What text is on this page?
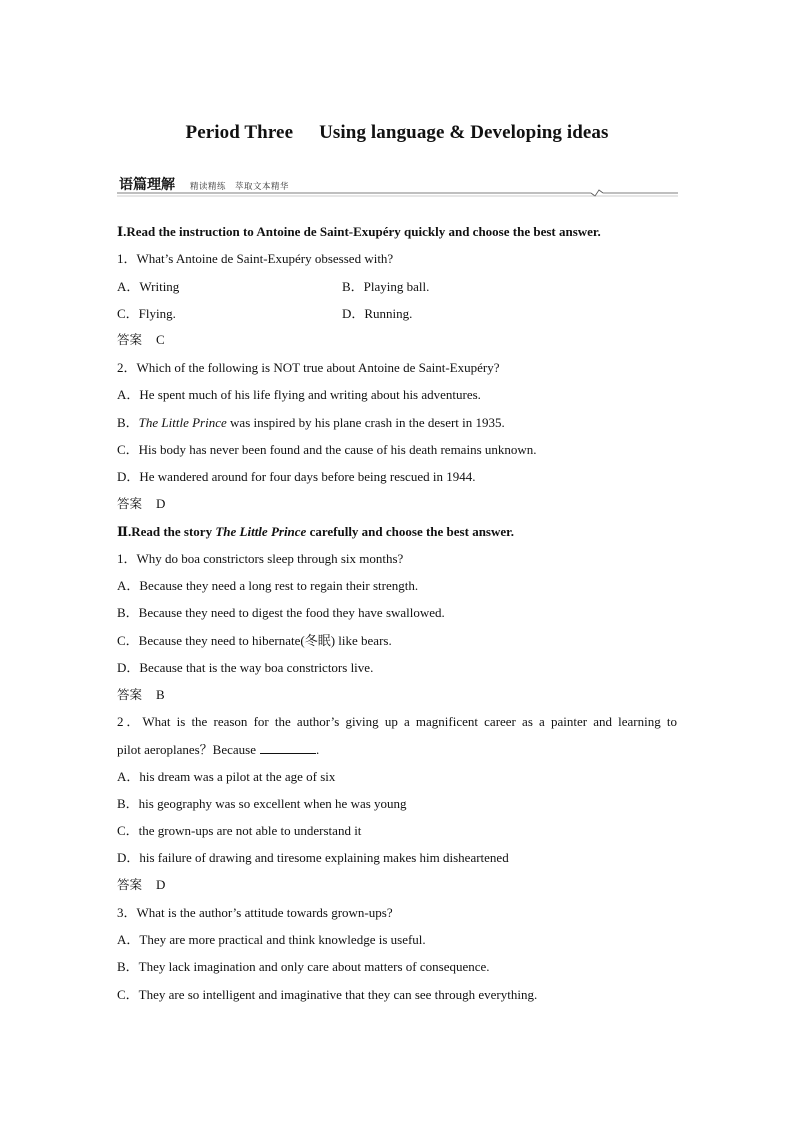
Period Three Using language & Developing ideas
语篇理解 精读精练　萃取文本精华
Ⅰ.Read the instruction to Antoine de Saint-Exupéry quickly and choose the best answer.
1．What’s Antoine de Saint-Exupéry obsessed with?
A．Writing	B．Playing ball.
C．Flying.	D．Running.
答案 C
2．Which of the following is NOT true about Antoine de Saint-Exupéry?
A．He spent much of his life flying and writing about his adventures.
B．The Little Prince was inspired by his plane crash in the desert in 1935.
C．His body has never been found and the cause of his death remains unknown.
D．He wandered around for four days before being rescued in 1944.
答案 D
Ⅱ.Read the story The Little Prince carefully and choose the best answer.
1．Why do boa constrictors sleep through six months?
A．Because they need a long rest to regain their strength.
B．Because they need to digest the food they have swallowed.
C．Because they need to hibernate(冬眠) like bears.
D．Because that is the way boa constrictors live.
答案 B
2．What is the reason for the author’s giving up a magnificent career as a painter and learning to
pilot aeroplanes？Because	.
A．his dream was a pilot at the age of six
B．his geography was so excellent when he was young
C．the grown-ups are not able to understand it
D．his failure of drawing and tiresome explaining makes him disheartened
答案 D
3．What is the author’s attitude towards grown-ups?
A．They are more practical and think knowledge is useful.
B．They lack imagination and only care about matters of consequence.
C．They are so intelligent and imaginative that they can see through everything.
